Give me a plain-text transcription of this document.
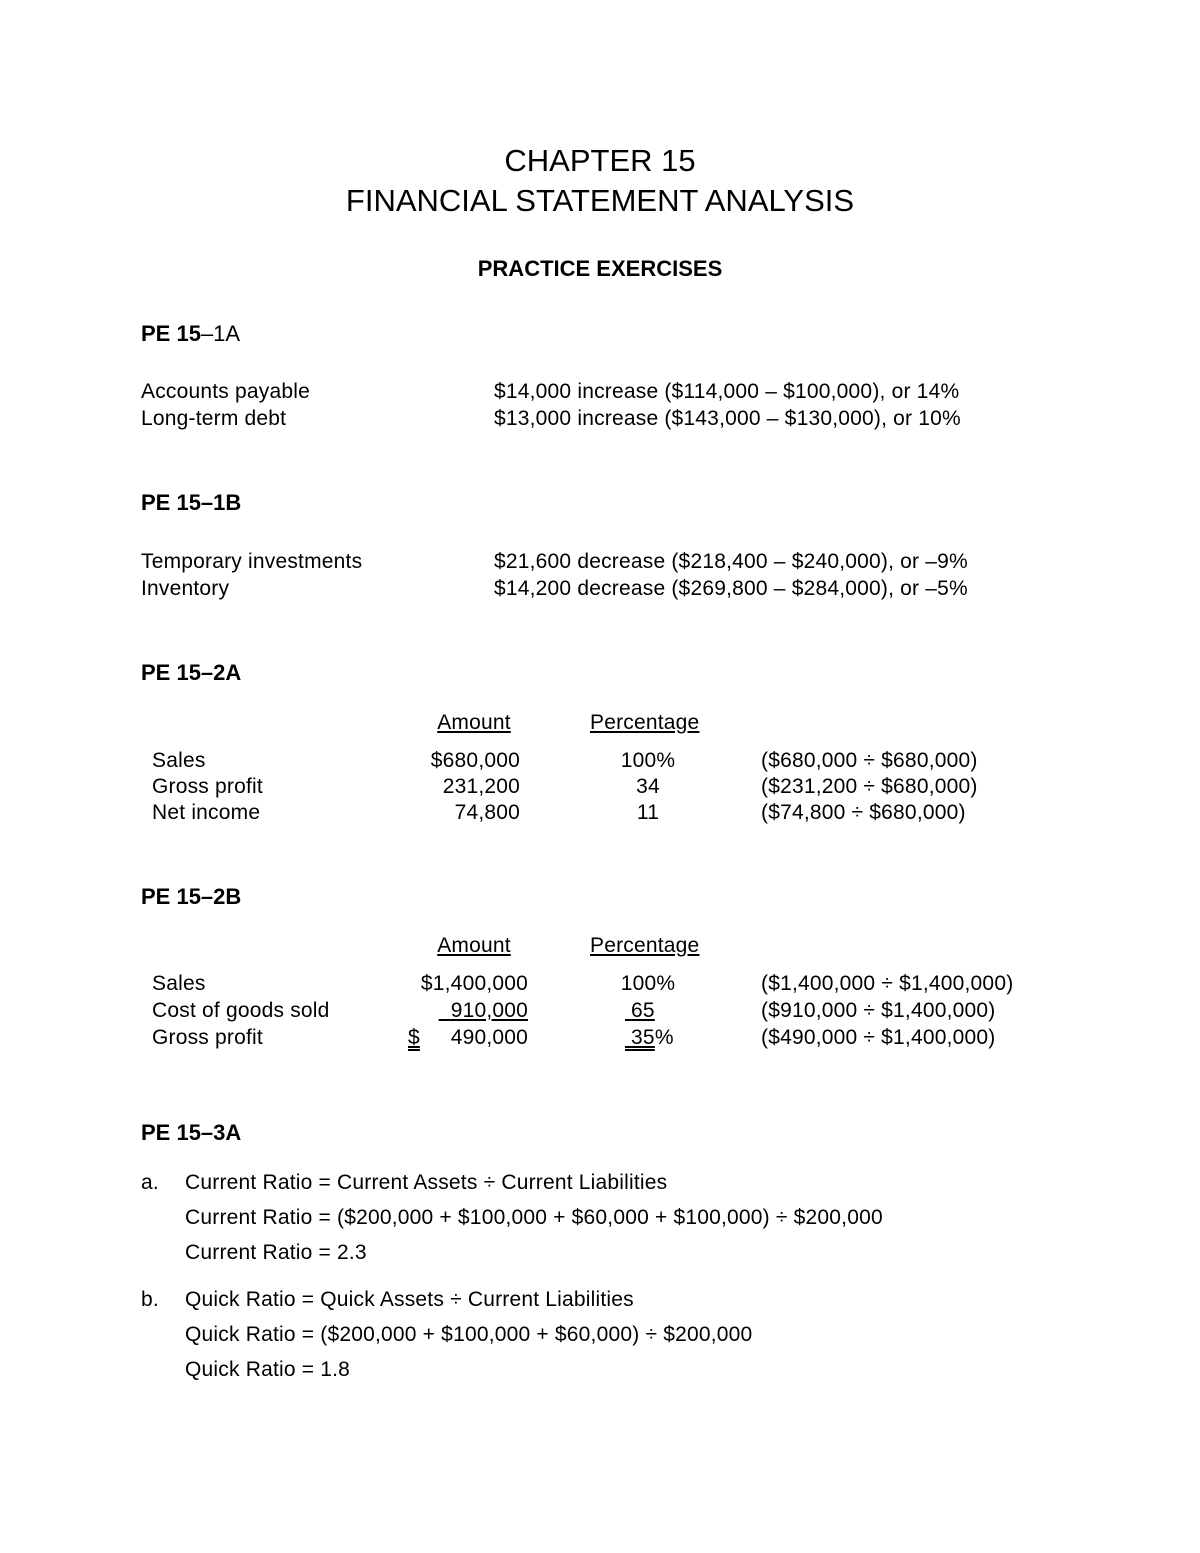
CHAPTER 15
FINANCIAL STATEMENT ANALYSIS
PRACTICE EXERCISES
PE 15–1A
Accounts payable	$14,000 increase ($114,000 – $100,000), or 14%
Long-term debt	$13,000 increase ($143,000 – $130,000), or 10%
PE 15–1B
Temporary investments	$21,600 decrease ($218,400 – $240,000), or –9%
Inventory	$14,200 decrease ($269,800 – $284,000), or –5%
PE 15–2A
Amount	Percentage
Sales	$680,000	100%	($680,000 ÷ $680,000)
Gross profit	231,200	34	($231,200 ÷ $680,000)
Net income	74,800	11	($74,800 ÷ $680,000)
PE 15–2B
Amount	Percentage
Sales	$1,400,000	100%	($1,400,000 ÷ $1,400,000)
Cost of goods sold	910,000	65	($910,000 ÷ $1,400,000)
Gross profit	$ 490,000	35%	($490,000 ÷ $1,400,000)
PE 15–3A
a. Current Ratio = Current Assets ÷ Current Liabilities
Current Ratio = ($200,000 + $100,000 + $60,000 + $100,000) ÷ $200,000
Current Ratio = 2.3
b. Quick Ratio = Quick Assets ÷ Current Liabilities
Quick Ratio = ($200,000 + $100,000 + $60,000) ÷ $200,000
Quick Ratio = 1.8
